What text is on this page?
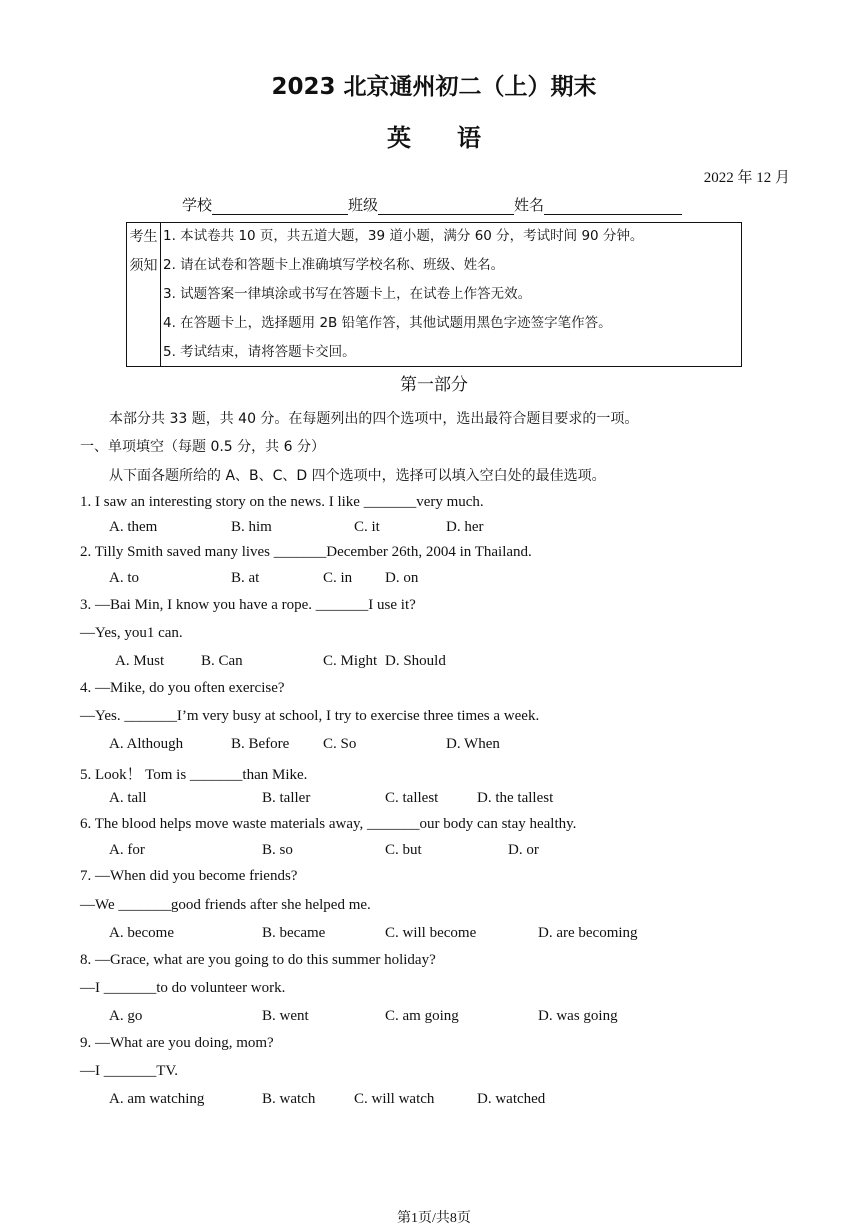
2023 北京通州初二（上）期末
英语
2022 年 12 月
学校	班级	姓名
考生
须知
1. 本试卷共 10 页，共五道大题，39 道小题，满分 60 分，考试时间 90 分钟。
2. 请在试卷和答题卡上准确填写学校名称、班级、姓名。
3. 试题答案一律填涂或书写在答题卡上，在试卷上作答无效。
4. 在答题卡上，选择题用 2B 铅笔作答，其他试题用黑色字迹签字笔作答。
5. 考试结束，请将答题卡交回。
第一部分
本部分共 33 题，共 40 分。在每题列出的四个选项中，选出最符合题目要求的一项。
一、单项填空（每题 0.5 分，共 6 分）
从下面各题所给的 A、B、C、D 四个选项中，选择可以填入空白处的最佳选项。
1. I saw an interesting story on the news. I like _______very much.
A. them	B. him	C. it	D. her
2. Tilly Smith saved many lives _______December 26th, 2004 in Thailand.
A. to	B. at	C. in D. on
3. —Bai Min, I know you have a rope. _______I use it?
—Yes, you1 can.
A. Must B. Can	C. Might D. Should
4. —Mike, do you often exercise?
—Yes. _______I’m very busy at school, I try to exercise three times a week.
A. Although	B. Before C. So	D. When
5. Look！ Tom is _______than Mike.
A. tall	B. taller	C. tallest	D. the tallest
6. The blood helps move waste materials away, _______our body can stay healthy.
A. for	B. so	C. but	D. or
7. —When did you become friends?
—We _______good friends after she helped me.
A. become	B. became	C. will become	D. are becoming
8. —Grace, what are you going to do this summer holiday?
—I _______to do volunteer work.
A. go	B. went	C. am going	D. was going
9. —What are you doing, mom?
—I _______TV.
A. am watching	B. watch	C. will watch	D. watched
第1页/共8页
